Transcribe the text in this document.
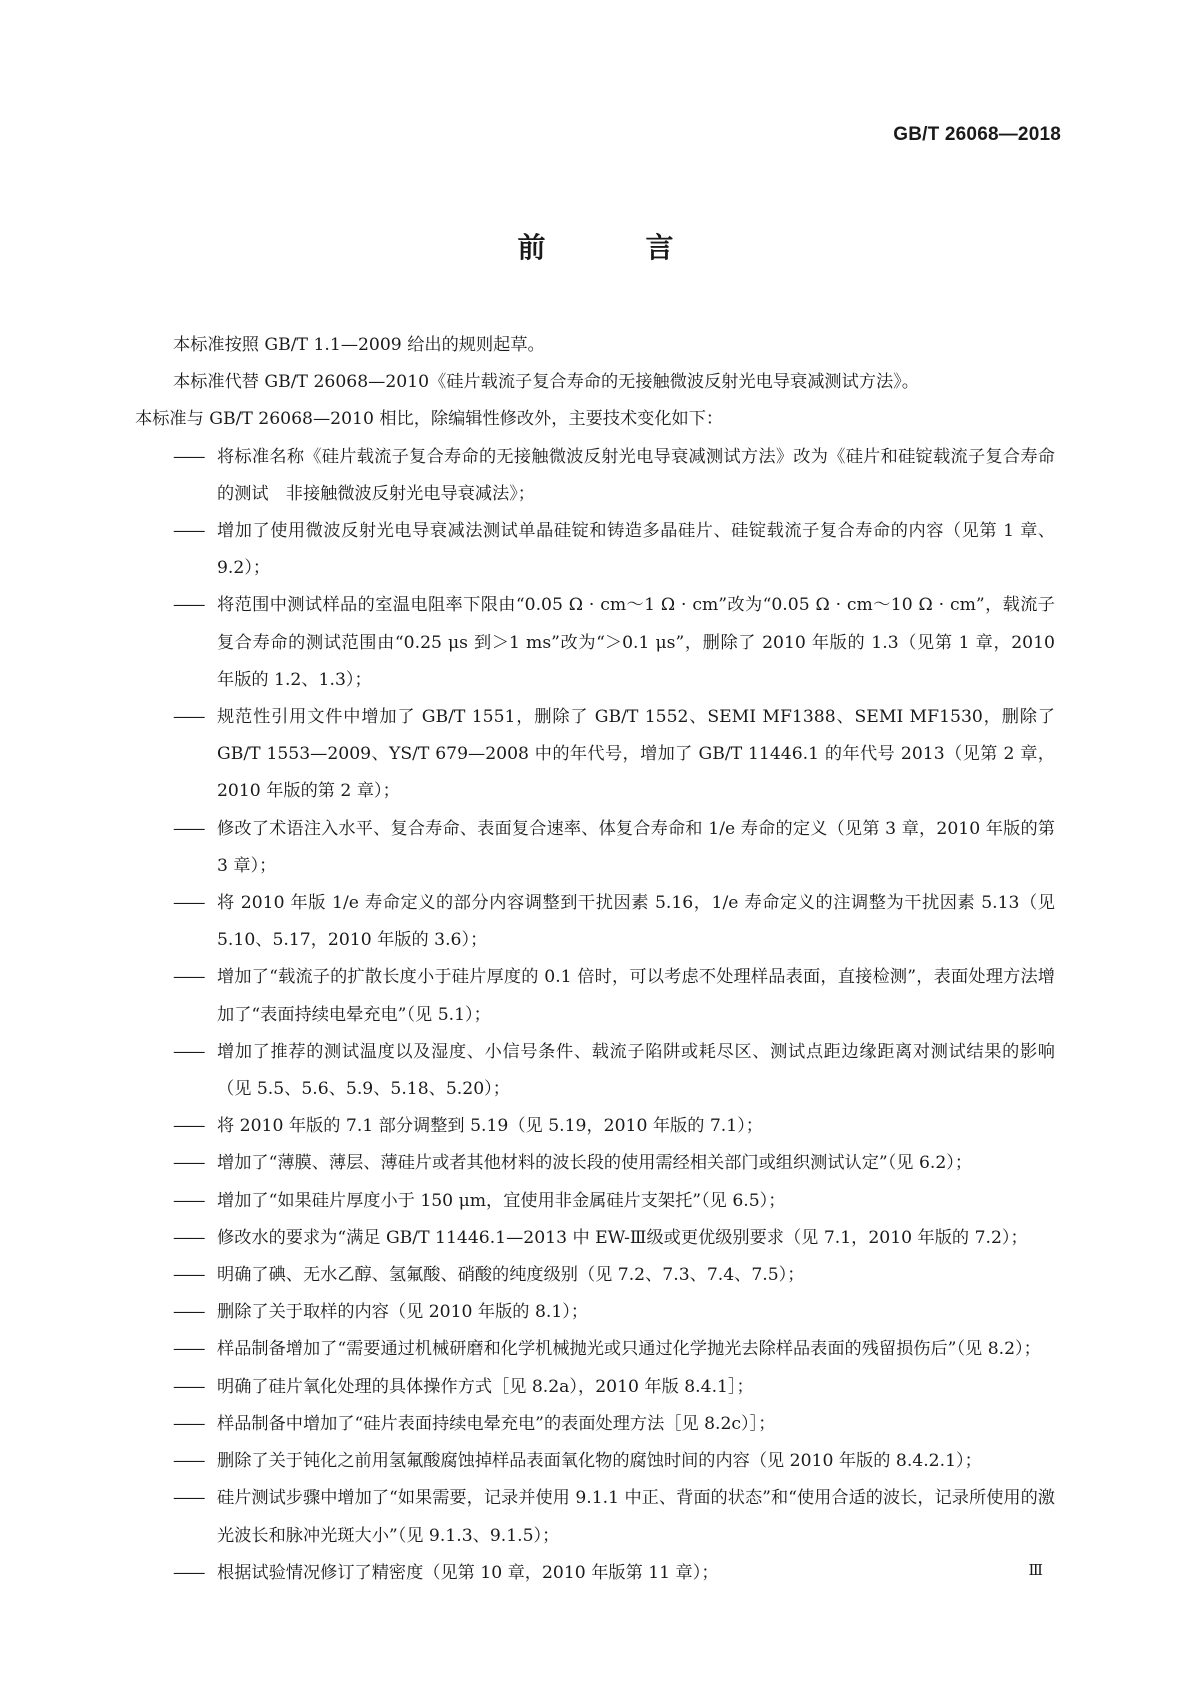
GB/T 26068—2018
前　言

本标准按照 GB/T 1.1—2009 给出的规则起草。

本标准代替 GB/T 26068—2010《硅片载流子复合寿命的无接触微波反射光电导衰减测试方法》。

本标准与 GB/T 26068—2010 相比，除编辑性修改外，主要技术变化如下：

—— 将标准名称《硅片载流子复合寿命的无接触微波反射光电导衰减测试方法》改为《硅片和硅锭载流子复合寿命的测试　非接触微波反射光电导衰减法》；
—— 增加了使用微波反射光电导衰减法测试单晶硅锭和铸造多晶硅片、硅锭载流子复合寿命的内容（见第 1 章、9.2）；
—— 将范围中测试样品的室温电阻率下限由“0.05 Ω · cm～1 Ω · cm”改为“0.05 Ω · cm～10 Ω · cm”，载流子复合寿命的测试范围由“0.25 μs 到＞1 ms”改为“＞0.1 μs”，删除了 2010 年版的 1.3（见第 1 章，2010 年版的 1.2、1.3）；
—— 规范性引用文件中增加了 GB/T 1551，删除了 GB/T 1552、SEMI MF1388、SEMI MF1530，删除了 GB/T 1553—2009、YS/T 679—2008 中的年代号，增加了 GB/T 11446.1 的年代号 2013（见第 2 章，2010 年版的第 2 章）；
—— 修改了术语注入水平、复合寿命、表面复合速率、体复合寿命和 1/e 寿命的定义（见第 3 章，2010 年版的第 3 章）；
—— 将 2010 年版 1/e 寿命定义的部分内容调整到干扰因素 5.16，1/e 寿命定义的注调整为干扰因素 5.13（见 5.10、5.17，2010 年版的 3.6）；
—— 增加了“载流子的扩散长度小于硅片厚度的 0.1 倍时，可以考虑不处理样品表面，直接检测”，表面处理方法增加了“表面持续电晕充电”（见 5.1）；
—— 增加了推荐的测试温度以及湿度、小信号条件、载流子陷阱或耗尽区、测试点距边缘距离对测试结果的影响（见 5.5、5.6、5.9、5.18、5.20）；
—— 将 2010 年版的 7.1 部分调整到 5.19（见 5.19，2010 年版的 7.1）；
—— 增加了“薄膜、薄层、薄硅片或者其他材料的波长段的使用需经相关部门或组织测试认定”（见 6.2）；
—— 增加了“如果硅片厚度小于 150 μm，宜使用非金属硅片支架托”（见 6.5）；
—— 修改水的要求为“满足 GB/T 11446.1—2013 中 EW-Ⅲ级或更优级别要求（见 7.1，2010 年版的 7.2）；
—— 明确了碘、无水乙醇、氢氟酸、硝酸的纯度级别（见 7.2、7.3、7.4、7.5）；
—— 删除了关于取样的内容（见 2010 年版的 8.1）；
—— 样品制备增加了“需要通过机械研磨和化学机械抛光或只通过化学抛光去除样品表面的残留损伤后”（见 8.2）；
—— 明确了硅片氧化处理的具体操作方式［见 8.2a），2010 年版 8.4.1］；
—— 样品制备中增加了“硅片表面持续电晕充电”的表面处理方法［见 8.2c）］；
—— 删除了关于钝化之前用氢氟酸腐蚀掉样品表面氧化物的腐蚀时间的内容（见 2010 年版的 8.4.2.1）；
—— 硅片测试步骤中增加了“如果需要，记录并使用 9.1.1 中正、背面的状态”和“使用合适的波长，记录所使用的激光波长和脉冲光斑大小”（见 9.1.3、9.1.5）；
—— 根据试验情况修订了精密度（见第 10 章，2010 年版第 11 章）；	Ⅲ
